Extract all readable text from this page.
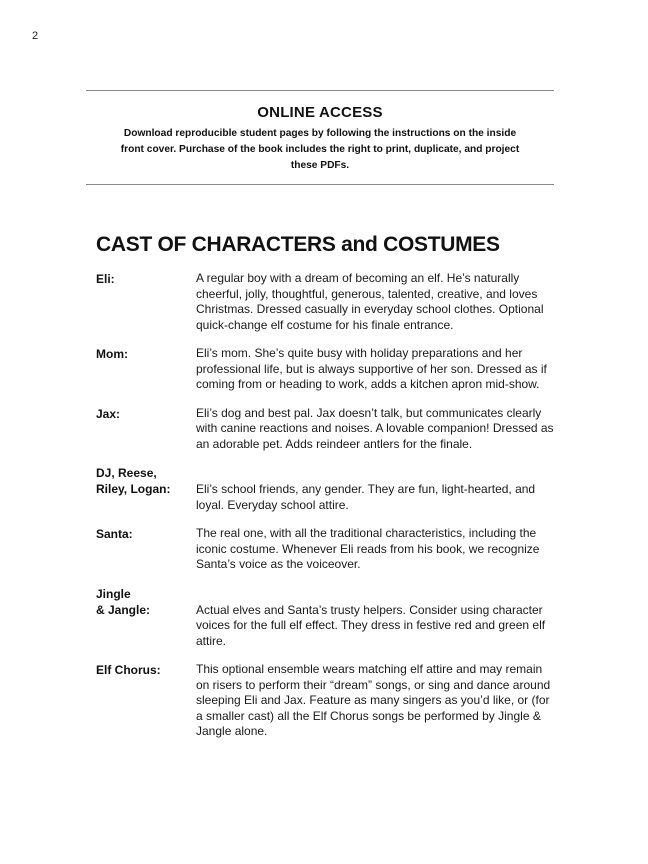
2
ONLINE ACCESS
Download reproducible student pages by following the instructions on the inside front cover. Purchase of the book includes the right to print, duplicate, and project these PDFs.
CAST OF CHARACTERS and COSTUMES
Eli:	A regular boy with a dream of becoming an elf. He’s naturally cheerful, jolly, thoughtful, generous, talented, creative, and loves Christmas. Dressed casually in everyday school clothes. Optional quick-change elf costume for his finale entrance.
Mom:	Eli’s mom. She’s quite busy with holiday preparations and her professional life, but is always supportive of her son. Dressed as if coming from or heading to work, adds a kitchen apron mid-show.
Jax:	Eli’s dog and best pal. Jax doesn’t talk, but communicates clearly with canine reactions and noises. A lovable companion! Dressed as an adorable pet. Adds reindeer antlers for the finale.
DJ, Reese,
Riley, Logan:	Eli’s school friends, any gender. They are fun, light-hearted, and loyal. Everyday school attire.
Santa:	The real one, with all the traditional characteristics, including the iconic costume. Whenever Eli reads from his book, we recognize Santa’s voice as the voiceover.
Jingle
& Jangle:	Actual elves and Santa’s trusty helpers. Consider using character voices for the full elf effect. They dress in festive red and green elf attire.
Elf Chorus:	This optional ensemble wears matching elf attire and may remain on risers to perform their “dream” songs, or sing and dance around sleeping Eli and Jax. Feature as many singers as you’d like, or (for a smaller cast) all the Elf Chorus songs be performed by Jingle & Jangle alone.
